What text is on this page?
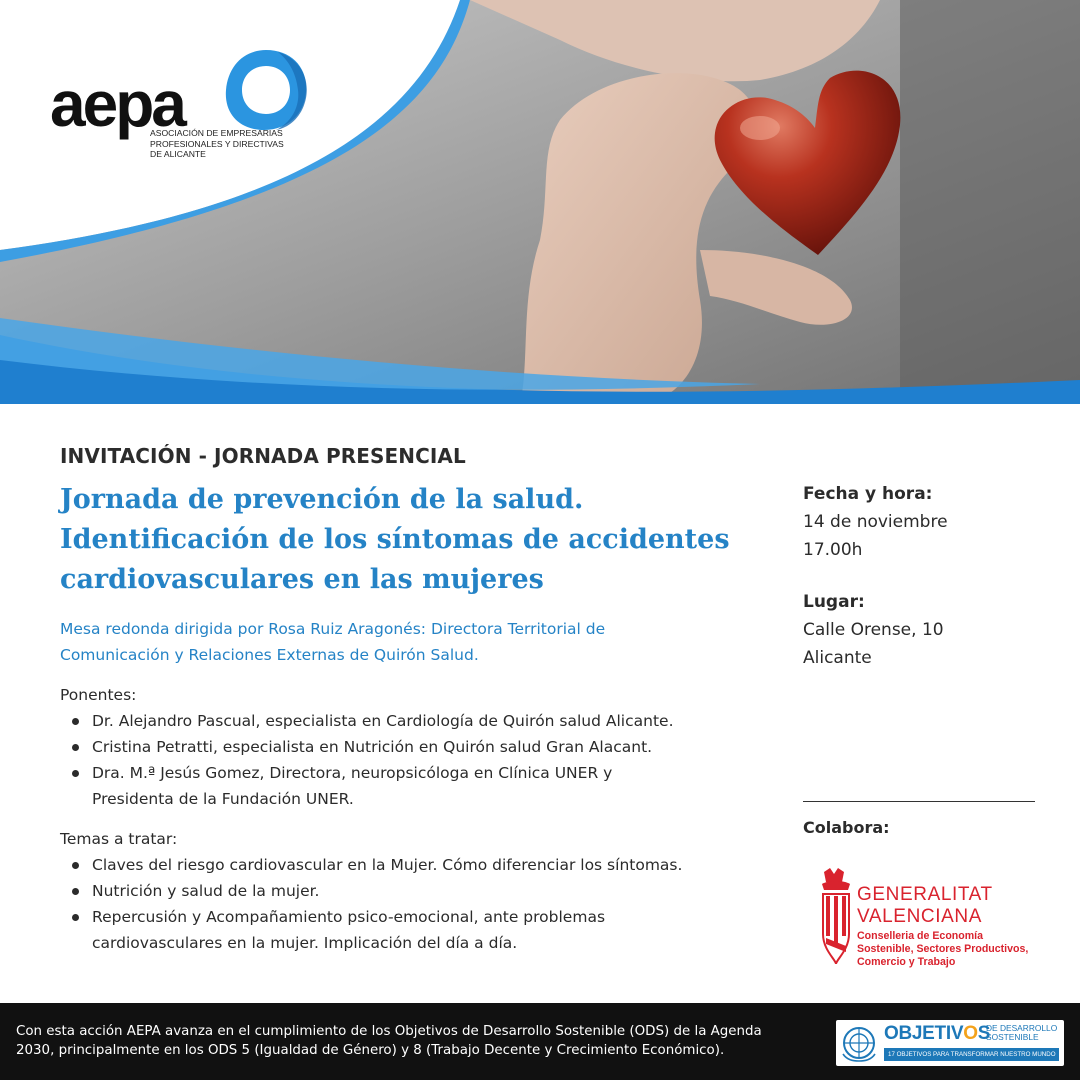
aepa
ASOCIACIÓN DE EMPRESARIAS
PROFESIONALES Y DIRECTIVAS
DE ALICANTE
INVITACIÓN - JORNADA PRESENCIAL
Jornada de prevención de la salud.
Identificación de los síntomas de accidentes
cardiovasculares en las mujeres
Mesa redonda dirigida por Rosa Ruiz Aragonés: Directora Territorial de
Comunicación y Relaciones Externas de Quirón Salud.
Ponentes:
Dr. Alejandro Pascual, especialista en Cardiología de Quirón salud Alicante.
Cristina Petratti, especialista en Nutrición en Quirón salud Gran Alacant.
Dra. M.ª Jesús Gomez, Directora, neuropsicóloga en Clínica UNER y
Presidenta de la Fundación UNER.
Temas a tratar:
Claves del riesgo cardiovascular en la Mujer. Cómo diferenciar los síntomas.
Nutrición y salud de la mujer.
Repercusión y Acompañamiento psico-emocional, ante problemas
cardiovasculares en la mujer. Implicación del día a día.
Fecha y hora:
14 de noviembre
17.00h
Lugar:
Calle Orense, 10
Alicante
Colabora:
GENERALITAT
VALENCIANA
Conselleria de Economía
Sostenible, Sectores Productivos,
Comercio y Trabajo
Con esta acción AEPA avanza en el cumplimiento de los Objetivos de Desarrollo Sostenible (ODS) de la Agenda
2030, principalmente en los ODS 5 (Igualdad de Género) y 8 (Trabajo Decente y Crecimiento Económico).
OBJETIVOS
DE DESARROLLO
SOSTENIBLE
17 OBJETIVOS PARA TRANSFORMAR NUESTRO MUNDO
